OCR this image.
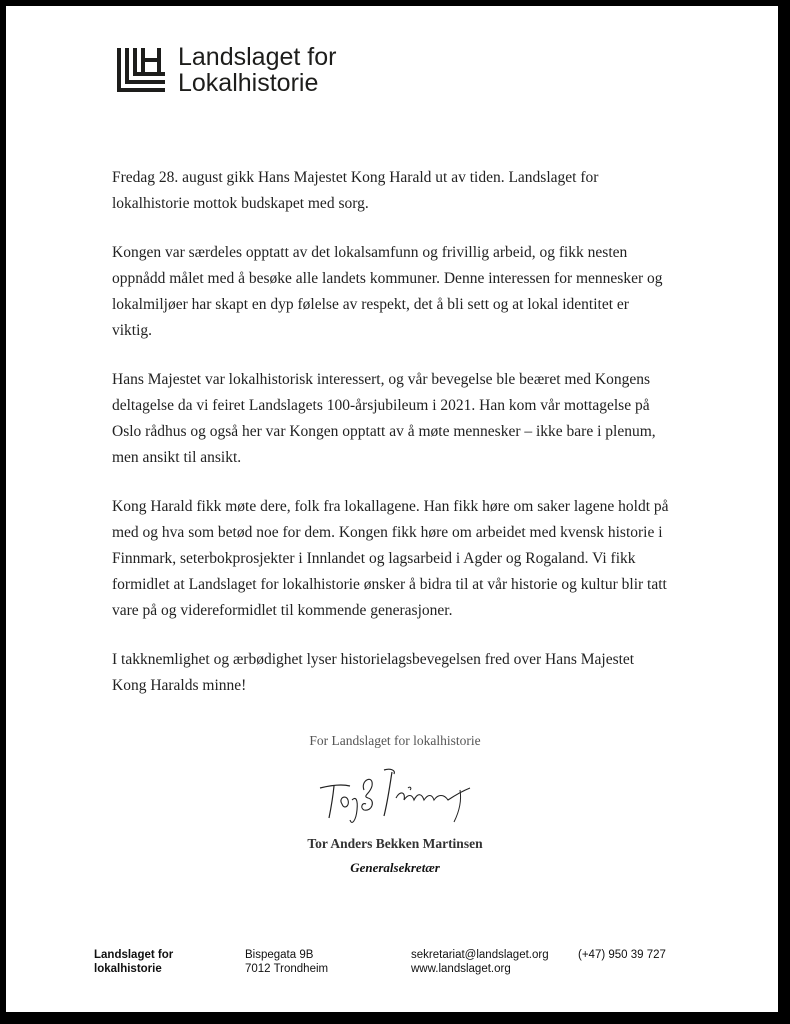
Landslaget for
Lokalhistorie

Fredag 28. august gikk Hans Majestet Kong Harald ut av tiden. Landslaget for lokalhistorie mottok budskapet med sorg.

Kongen var særdeles opptatt av det lokalsamfunn og frivillig arbeid, og fikk nesten oppnådd målet med å besøke alle landets kommuner. Denne interessen for mennesker og lokalmiljøer har skapt en dyp følelse av respekt, det å bli sett og at lokal identitet er viktig.

Hans Majestet var lokalhistorisk interessert, og vår bevegelse ble beæret med Kongens deltagelse da vi feiret Landslagets 100-årsjubileum i 2021. Han kom vår mottagelse på Oslo rådhus og også her var Kongen opptatt av å møte mennesker – ikke bare i plenum, men ansikt til ansikt.

Kong Harald fikk møte dere, folk fra lokallagene. Han fikk høre om saker lagene holdt på med og hva som betød noe for dem. Kongen fikk høre om arbeidet med kvensk historie i Finnmark, seterbokprosjekter i Innlandet og lagsarbeid i Agder og Rogaland. Vi fikk formidlet at Landslaget for lokalhistorie ønsker å bidra til at vår historie og kultur blir tatt vare på og videreformidlet til kommende generasjoner.

I takknemlighet og ærbødighet lyser historielagsbevegelsen fred over Hans Majestet Kong Haralds minne!

For Landslaget for lokalhistorie
Tor Anders Bekken Martinsen
Generalsekretær
Landslaget for
lokalhistorie
Bispegata 9B
7012 Trondheim
sekretariat@landslaget.org
www.landslaget.org
(+47) 950 39 727
